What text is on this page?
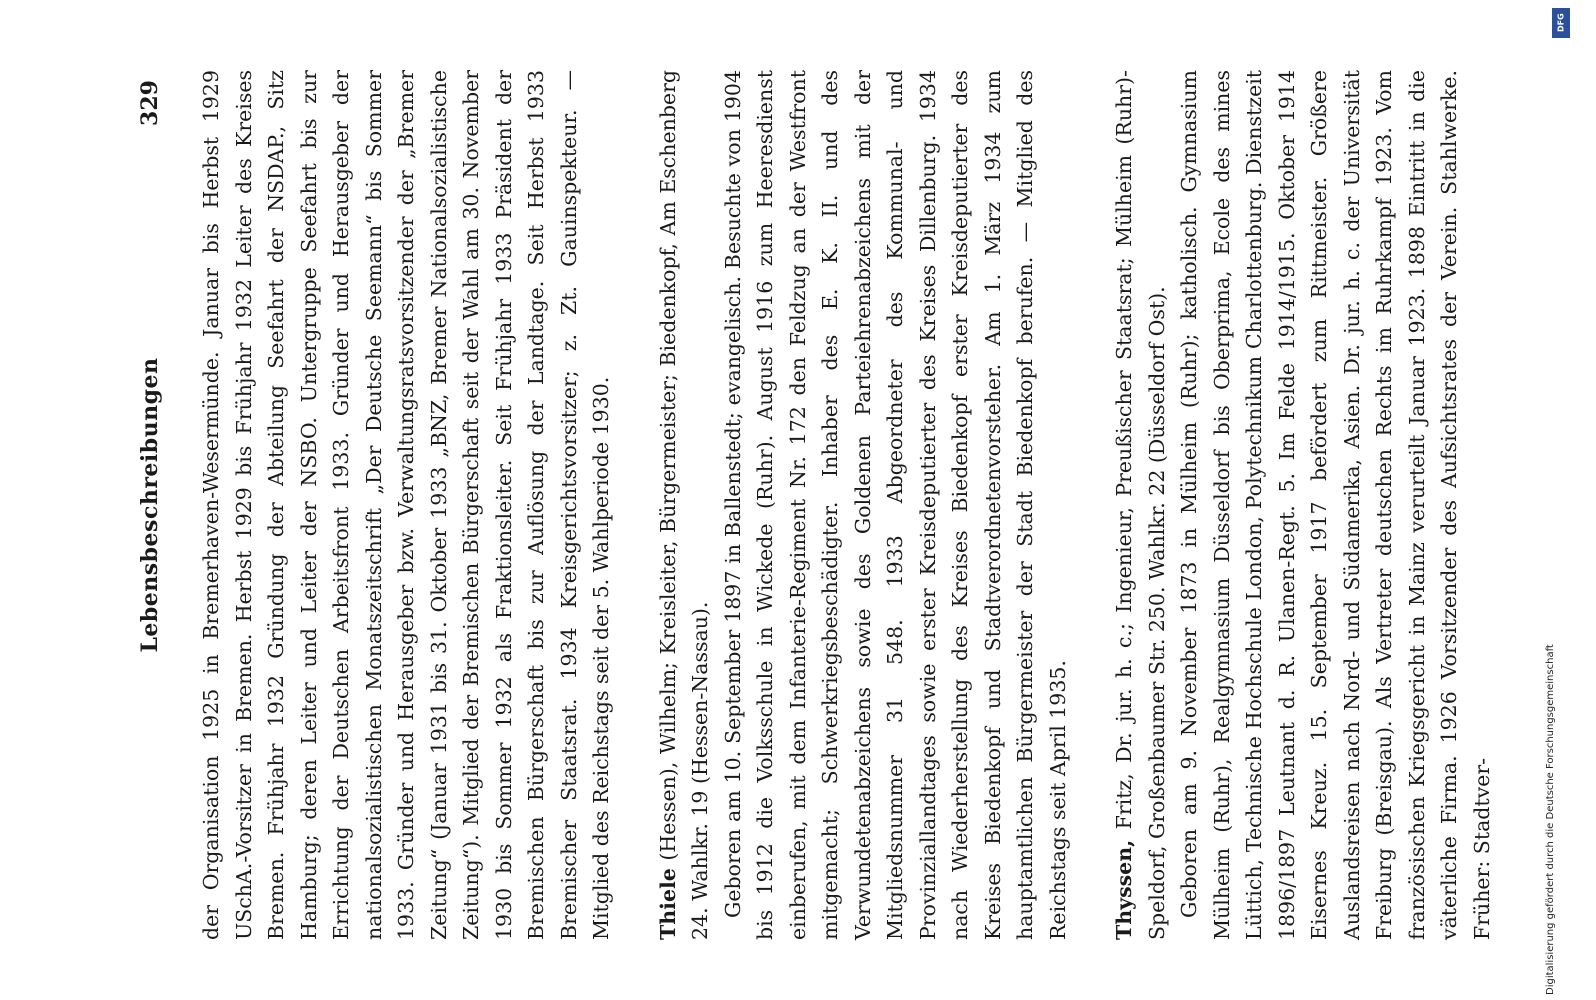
Lebensbeschreibungen
329 der Organisation 1925 in Bremerhaven-Wesermünde. Januar bis Herbst 1929 USchA.-Vorsitzer in Bremen. Herbst 1929 bis Frühjahr 1932 Leiter des Kreises Bremen. Frühjahr 1932 Gründung der Abteilung Seefahrt der NSDAP., Sitz Hamburg; deren Leiter und Leiter der NSBO. Untergruppe Seefahrt bis zur Errichtung der Deutschen Arbeitsfront 1933. Gründer und Herausgeber der nationalsozialistischen Monatszeitschrift „Der Deutsche Seemann“ bis Sommer 1933. Gründer und Herausgeber bzw. Verwaltungsratsvorsitzender der „Bremer Zeitung“ (Januar 1931 bis 31. Oktober 1933 „BNZ, Bremer Nationalsozialistische Zeitung“). Mitglied der Bremischen Bürgerschaft seit der Wahl am 30. November 1930 bis Sommer 1932 als Fraktionsleiter. Seit Frühjahr 1933 Präsident der Bremischen Bürgerschaft bis zur Auflösung der Landtage. Seit Herbst 1933 Bremischer Staatsrat. 1934 Kreisgerichtsvorsitzer; z. Zt. Gauinspekteur. — Mitglied des Reichstags seit der 5. Wahlperiode 1930. Thiele (Hessen), Wilhelm; Kreisleiter, Bürgermeister; Biedenkopf, Am Eschenberg 24. Wahlkr. 19 (Hessen-Nassau). Geboren am 10. September 1897 in Ballenstedt; evangelisch. Besuchte von 1904 bis 1912 die Volksschule in Wickede (Ruhr). August 1916 zum Heeresdienst einberufen, mit dem Infanterie-Regiment Nr. 172 den Feldzug an der Westfront mitgemacht; Schwerkriegsbeschädigter. Inhaber des E. K. II. und des Verwundetenabzeichens sowie des Goldenen Parteiehrenabzeichens mit der Mitgliedsnummer 31 548. 1933 Abgeordneter des Kommunal- und Provinziallandtages sowie erster Kreisdeputierter des Kreises Dillenburg. 1934 nach Wiederherstellung des Kreises Biedenkopf erster Kreisdeputierter des Kreises Biedenkopf und Stadtverordnetenvorsteher. Am 1. März 1934 zum hauptamtlichen Bürgermeister der Stadt Biedenkopf berufen. — Mitglied des Reichstags seit April 1935. Thyssen, Fritz, Dr. jur. h. c.; Ingenieur, Preußischer Staatsrat; Mülheim (Ruhr)-Speldorf, Großenbaumer Str. 250. Wahlkr. 22 (Düsseldorf Ost). Geboren am 9. November 1873 in Mülheim (Ruhr); katholisch. Gymnasium Mülheim (Ruhr), Realgymnasium Düsseldorf bis Oberprima, Ecole des mines Lüttich, Technische Hochschule London, Polytechnikum Charlottenburg. Dienstzeit 1896/1897 Leutnant d. R. Ulanen-Regt. 5. Im Felde 1914/1915. Oktober 1914 Eisernes Kreuz. 15. September 1917 befördert zum Rittmeister. Größere Auslandsreisen nach Nord- und Südamerika, Asien. Dr. jur. h. c. der Universität Freiburg (Breisgau). Als Vertreter deutschen Rechts im Ruhrkampf 1923. Vom französischen Kriegsgericht in Mainz verurteilt Januar 1923. 1898 Eintritt in die väterliche Firma. 1926 Vorsitzender des Aufsichtsrates der Verein. Stahlwerke. Früher: Stadtver-	Digitalisierung gefördert durch die Deutsche Forschungsgemeinschaft
DFG
